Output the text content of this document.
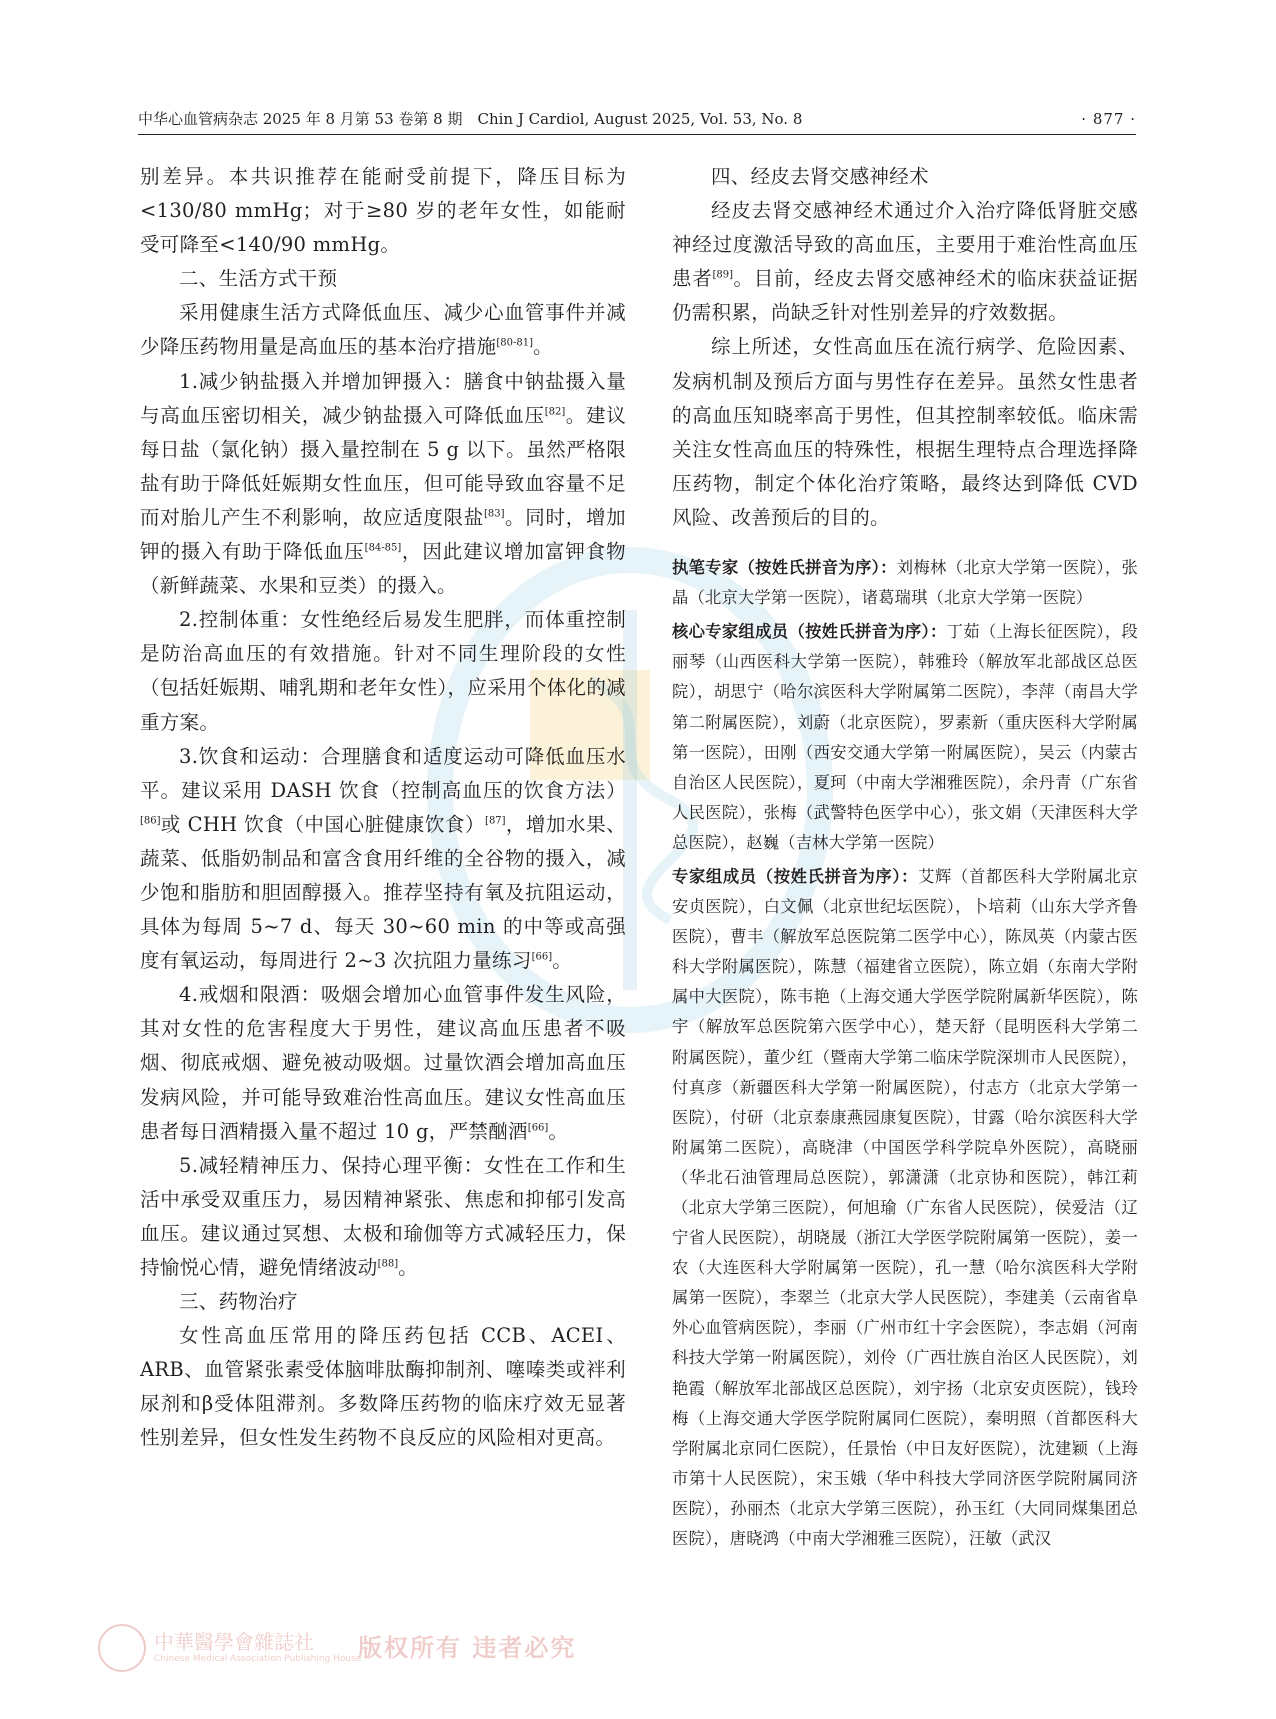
中华心血管病杂志 2025 年 8 月第 53 卷第 8 期　Chin J Cardiol, August 2025, Vol. 53, No. 8	· 877 ·

别差异。本共识推荐在能耐受前提下，降压目标为<130/80 mmHg；对于≥80 岁的老年女性，如能耐受可降至<140/90 mmHg。

二、生活方式干预

采用健康生活方式降低血压、减少心血管事件并减少降压药物用量是高血压的基本治疗措施[80-81]。

1.减少钠盐摄入并增加钾摄入：膳食中钠盐摄入量与高血压密切相关，减少钠盐摄入可降低血压[82]。建议每日盐（氯化钠）摄入量控制在 5 g 以下。虽然严格限盐有助于降低妊娠期女性血压，但可能导致血容量不足而对胎儿产生不利影响，故应适度限盐[83]。同时，增加钾的摄入有助于降低血压[84-85]，因此建议增加富钾食物（新鲜蔬菜、水果和豆类）的摄入。

2.控制体重：女性绝经后易发生肥胖，而体重控制是防治高血压的有效措施。针对不同生理阶段的女性（包括妊娠期、哺乳期和老年女性），应采用个体化的减重方案。

3.饮食和运动：合理膳食和适度运动可降低血压水平。建议采用 DASH 饮食（控制高血压的饮食方法）[86]或 CHH 饮食（中国心脏健康饮食）[87]，增加水果、蔬菜、低脂奶制品和富含食用纤维的全谷物的摄入，减少饱和脂肪和胆固醇摄入。推荐坚持有氧及抗阻运动，具体为每周 5~7 d、每天 30~60 min 的中等或高强度有氧运动，每周进行 2~3 次抗阻力量练习[66]。

4.戒烟和限酒：吸烟会增加心血管事件发生风险，其对女性的危害程度大于男性，建议高血压患者不吸烟、彻底戒烟、避免被动吸烟。过量饮酒会增加高血压发病风险，并可能导致难治性高血压。建议女性高血压患者每日酒精摄入量不超过 10 g，严禁酗酒[66]。

5.减轻精神压力、保持心理平衡：女性在工作和生活中承受双重压力，易因精神紧张、焦虑和抑郁引发高血压。建议通过冥想、太极和瑜伽等方式减轻压力，保持愉悦心情，避免情绪波动[88]。

三、药物治疗

女性高血压常用的降压药包括 CCB、ACEI、ARB、血管紧张素受体脑啡肽酶抑制剂、噻嗪类或袢利尿剂和β受体阻滞剂。多数降压药物的临床疗效无显著性别差异，但女性发生药物不良反应的风险相对更高。

四、经皮去肾交感神经术

经皮去肾交感神经术通过介入治疗降低肾脏交感神经过度激活导致的高血压，主要用于难治性高血压患者[89]。目前，经皮去肾交感神经术的临床获益证据仍需积累，尚缺乏针对性别差异的疗效数据。

综上所述，女性高血压在流行病学、危险因素、发病机制及预后方面与男性存在差异。虽然女性患者的高血压知晓率高于男性，但其控制率较低。临床需关注女性高血压的特殊性，根据生理特点合理选择降压药物，制定个体化治疗策略，最终达到降低 CVD 风险、改善预后的目的。

执笔专家（按姓氏拼音为序）：刘梅林（北京大学第一医院），张晶（北京大学第一医院），诸葛瑞琪（北京大学第一医院）
核心专家组成员（按姓氏拼音为序）：丁茹（上海长征医院），段丽琴（山西医科大学第一医院），韩雅玲（解放军北部战区总医院），胡思宁（哈尔滨医科大学附属第二医院），李萍（南昌大学第二附属医院），刘蔚（北京医院），罗素新（重庆医科大学附属第一医院），田刚（西安交通大学第一附属医院），吴云（内蒙古自治区人民医院），夏珂（中南大学湘雅医院），余丹青（广东省人民医院），张梅（武警特色医学中心），张文娟（天津医科大学总医院），赵巍（吉林大学第一医院）
专家组成员（按姓氏拼音为序）：艾辉（首都医科大学附属北京安贞医院），白文佩（北京世纪坛医院），卜培莉（山东大学齐鲁医院），曹丰（解放军总医院第二医学中心），陈凤英（内蒙古医科大学附属医院），陈慧（福建省立医院），陈立娟（东南大学附属中大医院），陈韦艳（上海交通大学医学院附属新华医院），陈宇（解放军总医院第六医学中心），楚天舒（昆明医科大学第二附属医院），董少红（暨南大学第二临床学院深圳市人民医院），付真彦（新疆医科大学第一附属医院），付志方（北京大学第一医院），付研（北京泰康燕园康复医院），甘露（哈尔滨医科大学附属第二医院），高晓津（中国医学科学院阜外医院），高晓丽（华北石油管理局总医院），郭潇潇（北京协和医院），韩江莉（北京大学第三医院），何旭瑜（广东省人民医院），侯爱洁（辽宁省人民医院），胡晓晟（浙江大学医学院附属第一医院），姜一农（大连医科大学附属第一医院），孔一慧（哈尔滨医科大学附属第一医院），李翠兰（北京大学人民医院），李建美（云南省阜外心血管病医院），李丽（广州市红十字会医院），李志娟（河南科技大学第一附属医院），刘伶（广西壮族自治区人民医院），刘艳霞（解放军北部战区总医院），刘宇扬（北京安贞医院），钱玲梅（上海交通大学医学院附属同仁医院），秦明照（首都医科大学附属北京同仁医院），任景怡（中日友好医院），沈建颖（上海市第十人民医院），宋玉娥（华中科技大学同济医学院附属同济医院），孙丽杰（北京大学第三医院），孙玉红（大同同煤集团总医院），唐晓鸿（中南大学湘雅三医院），汪敏（武汉
中華醫學會雜誌社
Chinese Medical Association Publishing House
版权所有 违者必究
